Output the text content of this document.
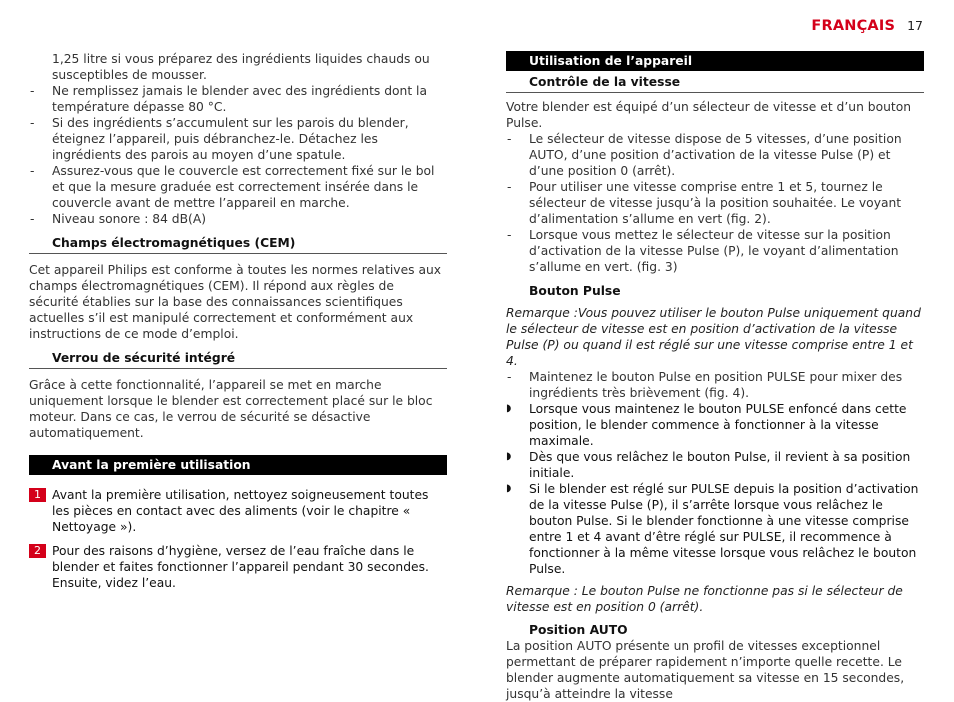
FRANÇAIS 17

1,25 litre si vous préparez des ingrédients liquides chauds ou susceptibles de mousser.

- Ne remplissez jamais le blender avec des ingrédients dont la température dépasse 80 °C.

- Si des ingrédients s’accumulent sur les parois du blender, éteignez l’appareil, puis débranchez-le. Détachez les ingrédients des parois au moyen d’une spatule.

- Assurez-vous que le couvercle est correctement fixé sur le bol et que la mesure graduée est correctement insérée dans le couvercle avant de mettre l’appareil en marche.

- Niveau sonore : 84 dB(A)

Champs électromagnétiques (CEM)

Cet appareil Philips est conforme à toutes les normes relatives aux champs électromagnétiques (CEM). Il répond aux règles de sécurité établies sur la base des connaissances scientifiques actuelles s’il est manipulé correctement et conformément aux instructions de ce mode d’emploi.

Verrou de sécurité intégré

Grâce à cette fonctionnalité, l’appareil se met en marche uniquement lorsque le blender est correctement placé sur le bloc moteur. Dans ce cas, le verrou de sécurité se désactive automatiquement.

Avant la première utilisation
1 Avant la première utilisation, nettoyez soigneusement toutes les pièces en contact avec des aliments (voir le chapitre « Nettoyage »).
2 Pour des raisons d’hygiène, versez de l’eau fraîche dans le blender et faites fonctionner l’appareil pendant 30 secondes. Ensuite, videz l’eau.
Utilisation de l’appareil
Contrôle de la vitesse

Votre blender est équipé d’un sélecteur de vitesse et d’un bouton Pulse.

- Le sélecteur de vitesse dispose de 5 vitesses, d’une position AUTO, d’une position d’activation de la vitesse Pulse (P) et d’une position 0 (arrêt).

- Pour utiliser une vitesse comprise entre 1 et 5, tournez le sélecteur de vitesse jusqu’à la position souhaitée. Le voyant d’alimentation s’allume en vert (fig. 2).

- Lorsque vous mettez le sélecteur de vitesse sur la position d’activation de la vitesse Pulse (P), le voyant d’alimentation s’allume en vert. (fig. 3)

Bouton Pulse

Remarque :Vous pouvez utiliser le bouton Pulse uniquement quand le sélecteur de vitesse est en position d’activation de la vitesse Pulse (P) ou quand il est réglé sur une vitesse comprise entre 1 et 4.

- Maintenez le bouton Pulse en position PULSE pour mixer des ingrédients très brièvement (fig. 4).

◗ Lorsque vous maintenez le bouton PULSE enfoncé dans cette position, le blender commence à fonctionner à la vitesse maximale.

◗ Dès que vous relâchez le bouton Pulse, il revient à sa position initiale.

◗ Si le blender est réglé sur PULSE depuis la position d’activation de la vitesse Pulse (P), il s’arrête lorsque vous relâchez le bouton Pulse. Si le blender fonctionne à une vitesse comprise entre 1 et 4 avant d’être réglé sur PULSE, il recommence à fonctionner à la même vitesse lorsque vous relâchez le bouton Pulse.

Remarque : Le bouton Pulse ne fonctionne pas si le sélecteur de vitesse est en position 0 (arrêt).

Position AUTO

La position AUTO présente un profil de vitesses exceptionnel permettant de préparer rapidement n’importe quelle recette. Le blender augmente automatiquement sa vitesse en 15 secondes, jusqu’à atteindre la vitesse
